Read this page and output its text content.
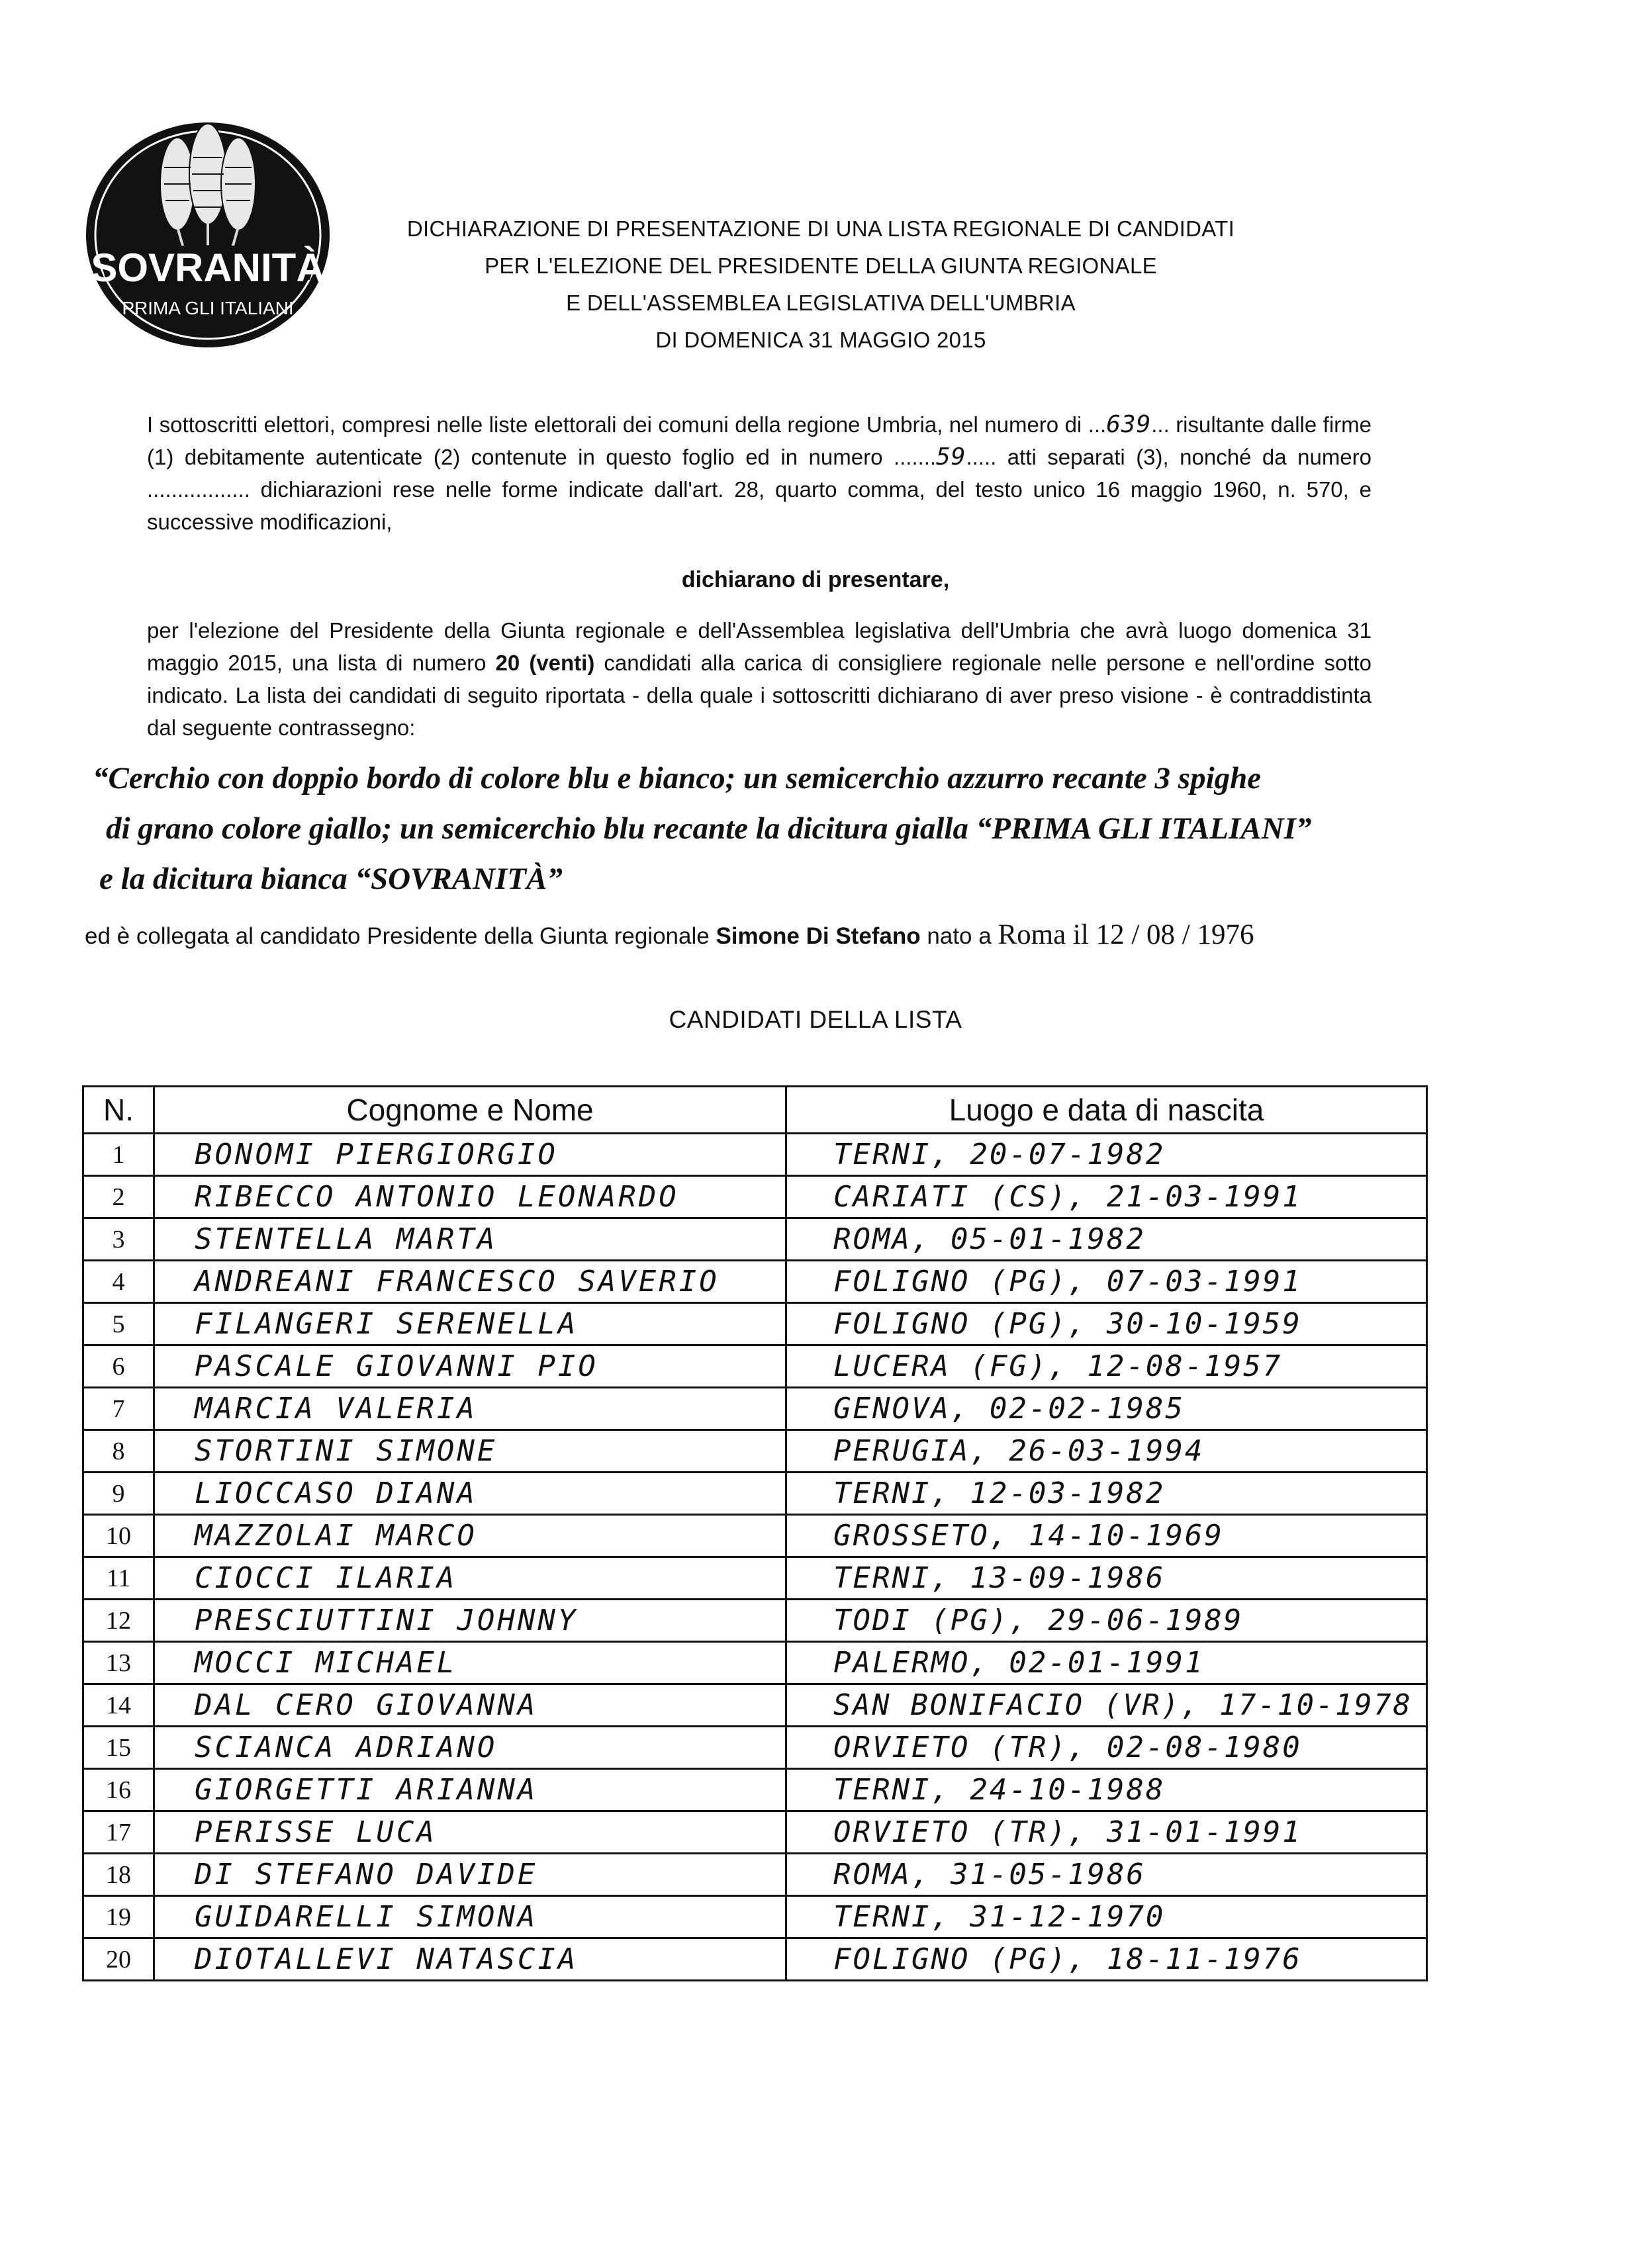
SOVRANITÀ
PRIMA GLI ITALIANI
DICHIARAZIONE DI PRESENTAZIONE DI UNA LISTA REGIONALE DI CANDIDATI
PER L'ELEZIONE DEL PRESIDENTE DELLA GIUNTA REGIONALE
E DELL'ASSEMBLEA LEGISLATIVA DELL'UMBRIA
DI DOMENICA 31 MAGGIO 2015

I sottoscritti elettori, compresi nelle liste elettorali dei comuni della regione Umbria, nel numero di ...639... risultante dalle firme (1) debitamente autenticate (2) contenute in questo foglio ed in numero .......59..... atti separati (3), nonché da numero ................. dichiarazioni rese nelle forme indicate dall'art. 28, quarto comma, del testo unico 16 maggio 1960, n. 570, e successive modificazioni,

dichiarano di presentare,

per l'elezione del Presidente della Giunta regionale e dell'Assemblea legislativa dell'Umbria che avrà luogo domenica 31 maggio 2015, una lista di numero 20 (venti) candidati alla carica di consigliere regionale nelle persone e nell'ordine sotto indicato. La lista dei candidati di seguito riportata - della quale i sottoscritti dichiarano di aver preso visione - è contraddistinta dal seguente contrassegno:

“Cerchio con doppio bordo di colore blu e bianco; un semicerchio azzurro recante 3 spighe
di grano colore giallo; un semicerchio blu recante la dicitura gialla “PRIMA GLI ITALIANI”
e la dicitura bianca “SOVRANITÀ”
ed è collegata al candidato Presidente della Giunta regionale Simone Di Stefano nato a Roma il 12 / 08 / 1976
CANDIDATI DELLA LISTA
N.	Cognome e Nome	Luogo e data di nascita
1	BONOMI PIERGIORGIO	TERNI, 20-07-1982
2	RIBECCO ANTONIO LEONARDO	CARIATI (CS), 21-03-1991
3	STENTELLA MARTA	ROMA, 05-01-1982
4	ANDREANI FRANCESCO SAVERIO	FOLIGNO (PG), 07-03-1991
5	FILANGERI SERENELLA	FOLIGNO (PG), 30-10-1959
6	PASCALE GIOVANNI PIO	LUCERA (FG), 12-08-1957
7	MARCIA VALERIA	GENOVA, 02-02-1985
8	STORTINI SIMONE	PERUGIA, 26-03-1994
9	LIOCCASO DIANA	TERNI, 12-03-1982
10	MAZZOLAI MARCO	GROSSETO, 14-10-1969
11	CIOCCI ILARIA	TERNI, 13-09-1986
12	PRESCIUTTINI JOHNNY	TODI (PG), 29-06-1989
13	MOCCI MICHAEL	PALERMO, 02-01-1991
14	DAL CERO GIOVANNA	SAN BONIFACIO (VR), 17-10-1978
15	SCIANCA ADRIANO	ORVIETO (TR), 02-08-1980
16	GIORGETTI ARIANNA	TERNI, 24-10-1988
17	PERISSE LUCA	ORVIETO (TR), 31-01-1991
18	DI STEFANO DAVIDE	ROMA, 31-05-1986
19	GUIDARELLI SIMONA	TERNI, 31-12-1970
20	DIOTALLEVI NATASCIA	FOLIGNO (PG), 18-11-1976
